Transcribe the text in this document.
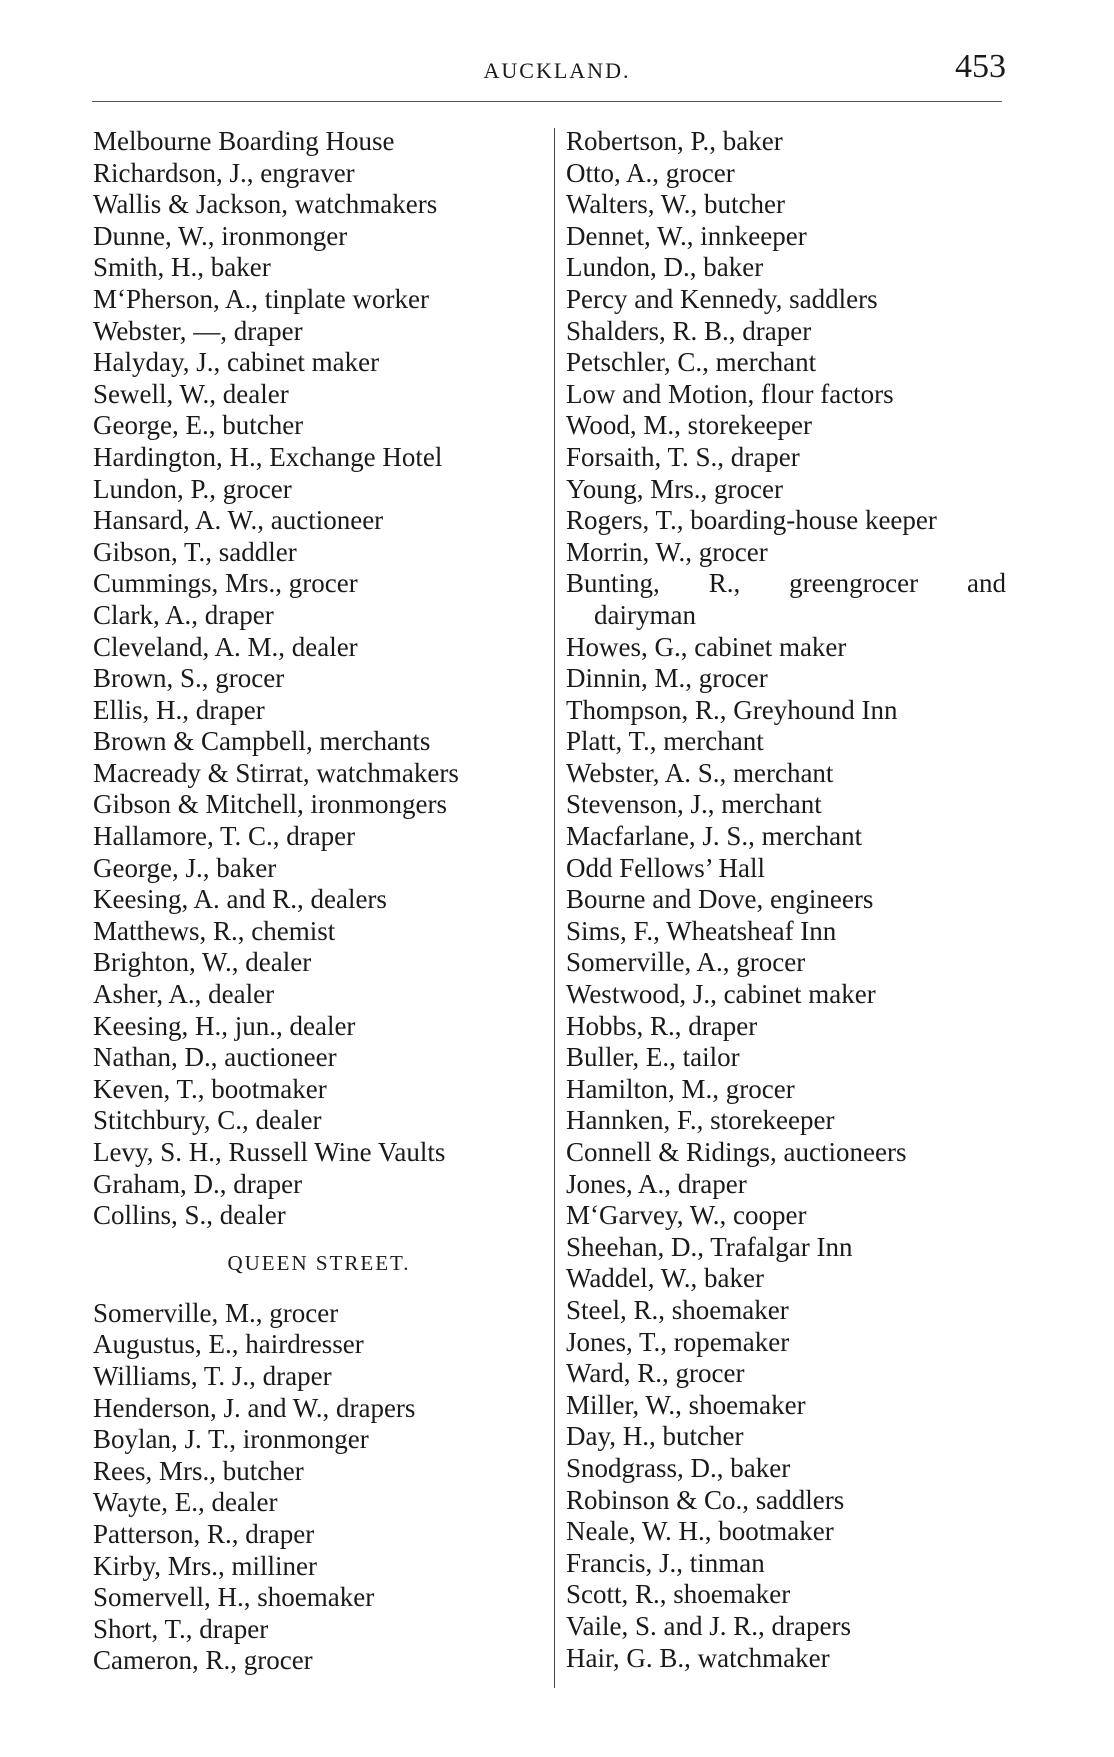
AUCKLAND.	453
Melbourne Boarding House
Richardson, J., engraver
Wallis & Jackson, watchmakers
Dunne, W., ironmonger
Smith, H., baker
M‘Pherson, A., tinplate worker
Webster, —, draper
Halyday, J., cabinet maker
Sewell, W., dealer
George, E., butcher
Hardington, H., Exchange Hotel
Lundon, P., grocer
Hansard, A. W., auctioneer
Gibson, T., saddler
Cummings, Mrs., grocer
Clark, A., draper
Cleveland, A. M., dealer
Brown, S., grocer
Ellis, H., draper
Brown & Campbell, merchants
Macready & Stirrat, watchmakers
Gibson & Mitchell, ironmongers
Hallamore, T. C., draper
George, J., baker
Keesing, A. and R., dealers
Matthews, R., chemist
Brighton, W., dealer
Asher, A., dealer
Keesing, H., jun., dealer
Nathan, D., auctioneer
Keven, T., bootmaker
Stitchbury, C., dealer
Levy, S. H., Russell Wine Vaults
Graham, D., draper
Collins, S., dealer
QUEEN STREET.
Somerville, M., grocer
Augustus, E., hairdresser
Williams, T. J., draper
Henderson, J. and W., drapers
Boylan, J. T., ironmonger
Rees, Mrs., butcher
Wayte, E., dealer
Patterson, R., draper
Kirby, Mrs., milliner
Somervell, H., shoemaker
Short, T., draper
Cameron, R., grocer
Robertson, P., baker
Otto, A., grocer
Walters, W., butcher
Dennet, W., innkeeper
Lundon, D., baker
Percy and Kennedy, saddlers
Shalders, R. B., draper
Petschler, C., merchant
Low and Motion, flour factors
Wood, M., storekeeper
Forsaith, T. S., draper
Young, Mrs., grocer
Rogers, T., boarding-house keeper
Morrin, W., grocer
Bunting, R., greengrocer and
dairyman
Howes, G., cabinet maker
Dinnin, M., grocer
Thompson, R., Greyhound Inn
Platt, T., merchant
Webster, A. S., merchant
Stevenson, J., merchant
Macfarlane, J. S., merchant
Odd Fellows’ Hall
Bourne and Dove, engineers
Sims, F., Wheatsheaf Inn
Somerville, A., grocer
Westwood, J., cabinet maker
Hobbs, R., draper
Buller, E., tailor
Hamilton, M., grocer
Hannken, F., storekeeper
Connell & Ridings, auctioneers
Jones, A., draper
M‘Garvey, W., cooper
Sheehan, D., Trafalgar Inn
Waddel, W., baker
Steel, R., shoemaker
Jones, T., ropemaker
Ward, R., grocer
Miller, W., shoemaker
Day, H., butcher
Snodgrass, D., baker
Robinson & Co., saddlers
Neale, W. H., bootmaker
Francis, J., tinman
Scott, R., shoemaker
Vaile, S. and J. R., drapers
Hair, G. B., watchmaker
